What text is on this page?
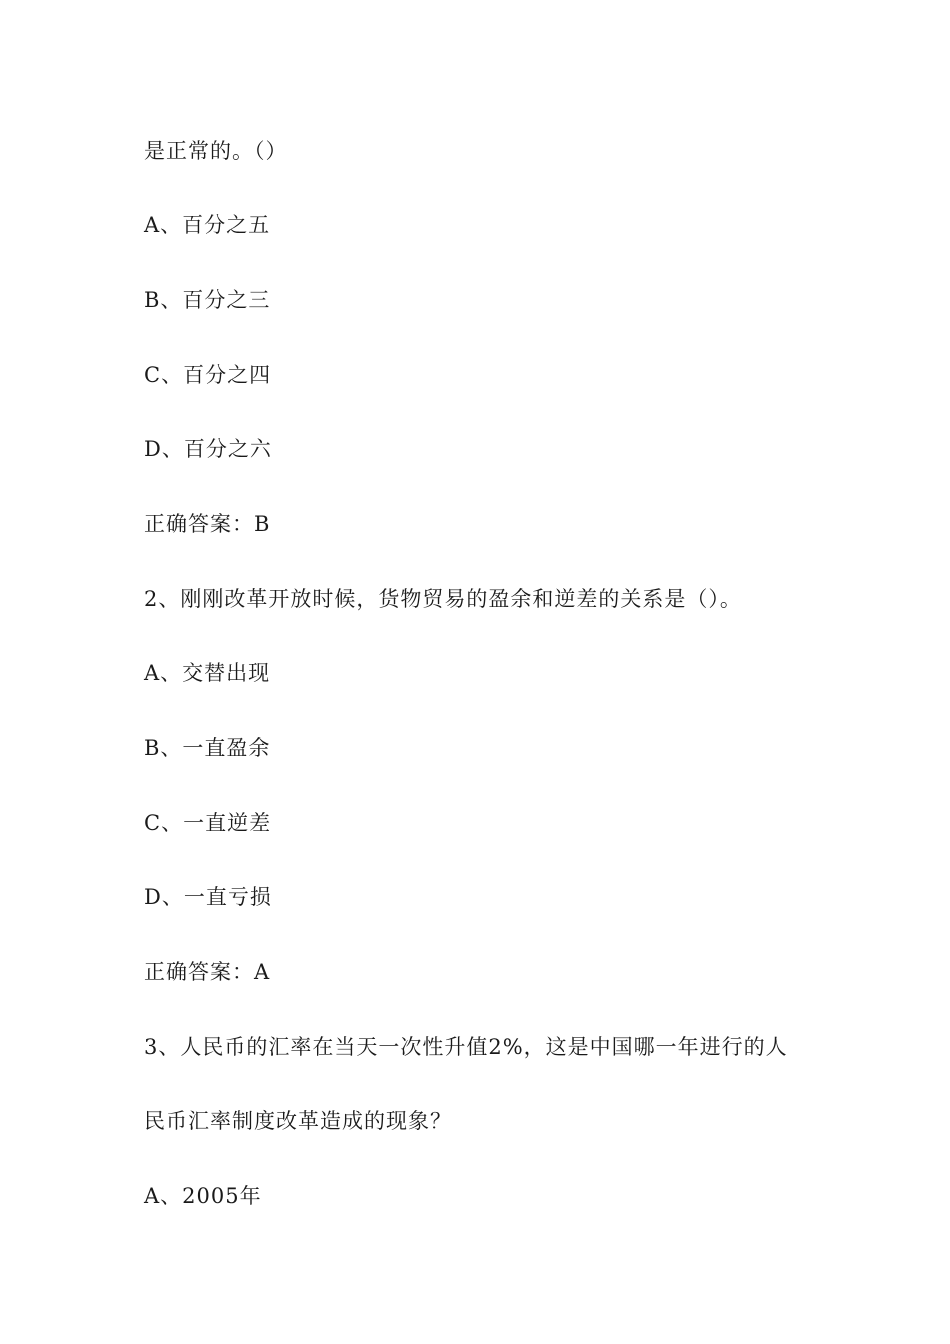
是正常的。（）
A、百分之五
B、百分之三
C、百分之四
D、百分之六
正确答案：B
2、刚刚改革开放时候，货物贸易的盈余和逆差的关系是（）。
A、交替出现
B、一直盈余
C、一直逆差
D、一直亏损
正确答案：A
3、人民币的汇率在当天一次性升值2%，这是中国哪一年进行的人
民币汇率制度改革造成的现象？
A、2005年
